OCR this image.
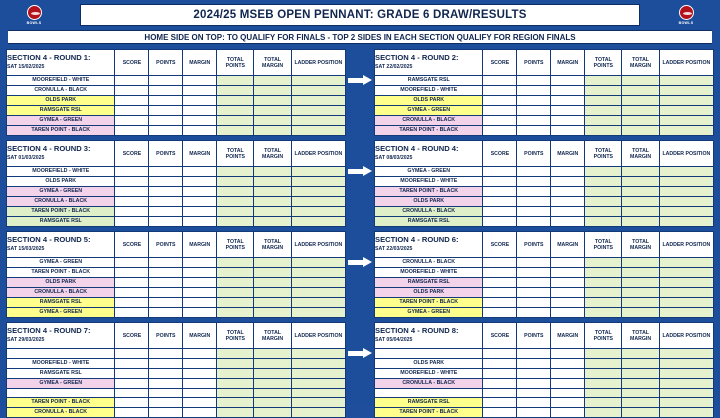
BOWLS
2024/25 MSEB OPEN PENNANT: GRADE 6 DRAW/RESULTS
BOWLS
HOME SIDE ON TOP: TO QUALIFY FOR FINALS - TOP 2 SIDES IN EACH SECTION QUALIFY FOR REGION FINALS
SECTION 4 - ROUND 1:
SAT 15/02/2025	SCORE	POINTS	MARGIN	TOTAL POINTS	TOTAL MARGIN	LADDER POSITION
MOOREFIELD - WHITE						
CRONULLA - BLACK						
OLDS PARK						
RAMSGATE RSL						
GYMEA - GREEN						
TAREN POINT - BLACK						
SECTION 4 - ROUND 2:
SAT 22/02/2025	SCORE	POINTS	MARGIN	TOTAL POINTS	TOTAL MARGIN	LADDER POSITION
RAMSGATE RSL						
MOOREFIELD - WHITE						
OLDS PARK						
GYMEA - GREEN						
CRONULLA - BLACK						
TAREN POINT - BLACK						
SECTION 4 - ROUND 3:
SAT 01/03/2025	SCORE	POINTS	MARGIN	TOTAL POINTS	TOTAL MARGIN	LADDER POSITION
MOOREFIELD - WHITE						
OLDS PARK						
GYMEA - GREEN						
CRONULLA - BLACK						
TAREN POINT - BLACK						
RAMSGATE RSL						
SECTION 4 - ROUND 4:
SAT 08/03/2025	SCORE	POINTS	MARGIN	TOTAL POINTS	TOTAL MARGIN	LADDER POSITION
GYMEA - GREEN						
MOOREFIELD - WHITE						
TAREN POINT - BLACK						
OLDS PARK						
CRONULLA - BLACK						
RAMSGATE RSL						
SECTION 4 - ROUND 5:
SAT 15/03/2025	SCORE	POINTS	MARGIN	TOTAL POINTS	TOTAL MARGIN	LADDER POSITION
GYMEA - GREEN						
TAREN POINT - BLACK						
OLDS PARK						
CRONULLA - BLACK						
RAMSGATE RSL						
GYMEA - GREEN						
SECTION 4 - ROUND 6:
SAT 22/03/2025	SCORE	POINTS	MARGIN	TOTAL POINTS	TOTAL MARGIN	LADDER POSITION
CRONULLA - BLACK						
MOOREFIELD - WHITE						
RAMSGATE RSL						
OLDS PARK						
TAREN POINT - BLACK						
GYMEA - GREEN						
SECTION 4 - ROUND 7:
SAT 29/03/2025	SCORE	POINTS	MARGIN	TOTAL POINTS	TOTAL MARGIN	LADDER POSITION

MOOREFIELD - WHITE						
RAMSGATE RSL						
GYMEA - GREEN						

TAREN POINT - BLACK						
CRONULLA - BLACK						
SECTION 4 - ROUND 8:
SAT 05/04/2025	SCORE	POINTS	MARGIN	TOTAL POINTS	TOTAL MARGIN	LADDER POSITION

OLDS PARK						
MOOREFIELD - WHITE						
CRONULLA - BLACK						

RAMSGATE RSL						
TAREN POINT - BLACK						
